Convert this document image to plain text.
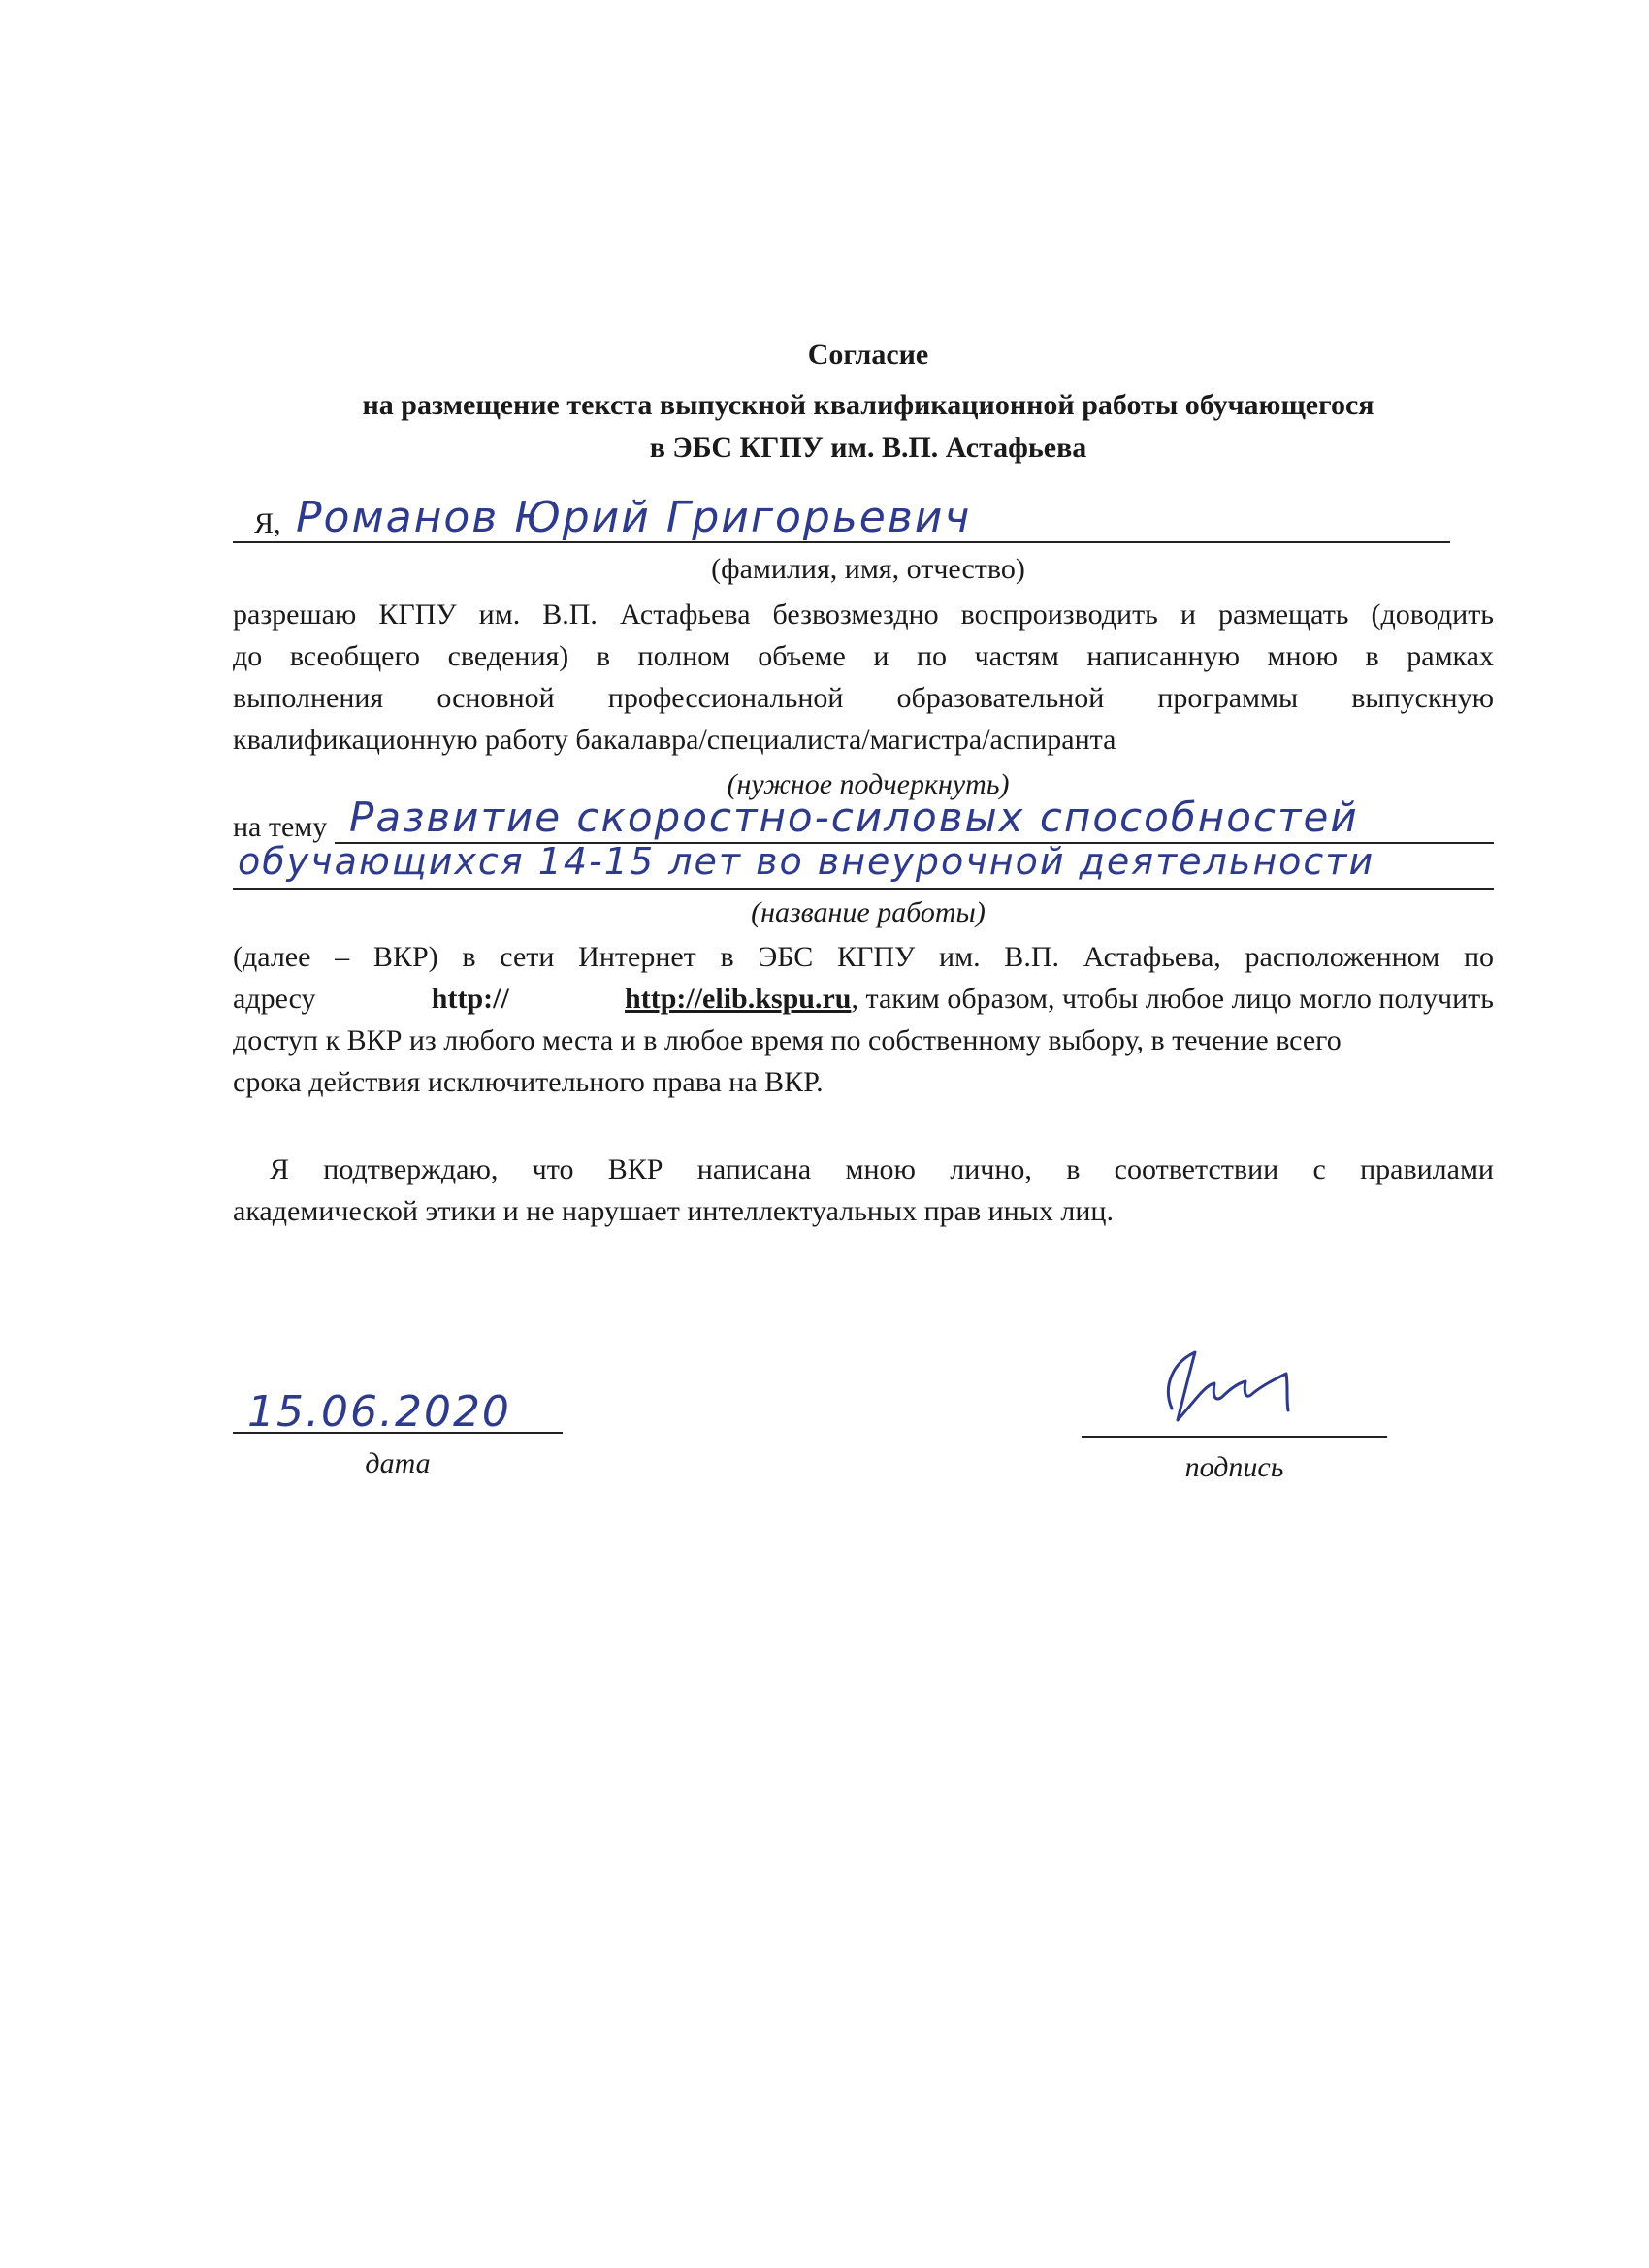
Согласие
на размещение текста выпускной квалификационной работы обучающегося
в ЭБС КГПУ им. В.П. Астафьева
Я, Романов Юрий Григорьевич
(фамилия, имя, отчество)

разрешаю КГПУ им. В.П. Астафьева безвозмездно воспроизводить и размещать (доводить

до всеобщего сведения) в полном объеме и по частям написанную мною в рамках

выполнения основной профессиональной образовательной программы выпускную

квалификационную работу бакалавра/специалиста/магистра/аспиранта

(нужное подчеркнуть)
на тему Развитие скоростно-силовых способностей
обучающихся 14-15 лет во внеурочной деятельности
(название работы)

(далее – ВКР) в сети Интернет в ЭБС КГПУ им. В.П. Астафьева, расположенном по

адресу	http://	http://elib.kspu.ru, таким образом, чтобы любое лицо могло получить

доступ к ВКР из любого места и в любое время по собственному выбору, в течение всего

срока действия исключительного права на ВКР.

Я подтверждаю, что ВКР написана мною лично, в соответствии с правилами

академической этики и не нарушает интеллектуальных прав иных лиц.

15.06.2020
дата	подпись
